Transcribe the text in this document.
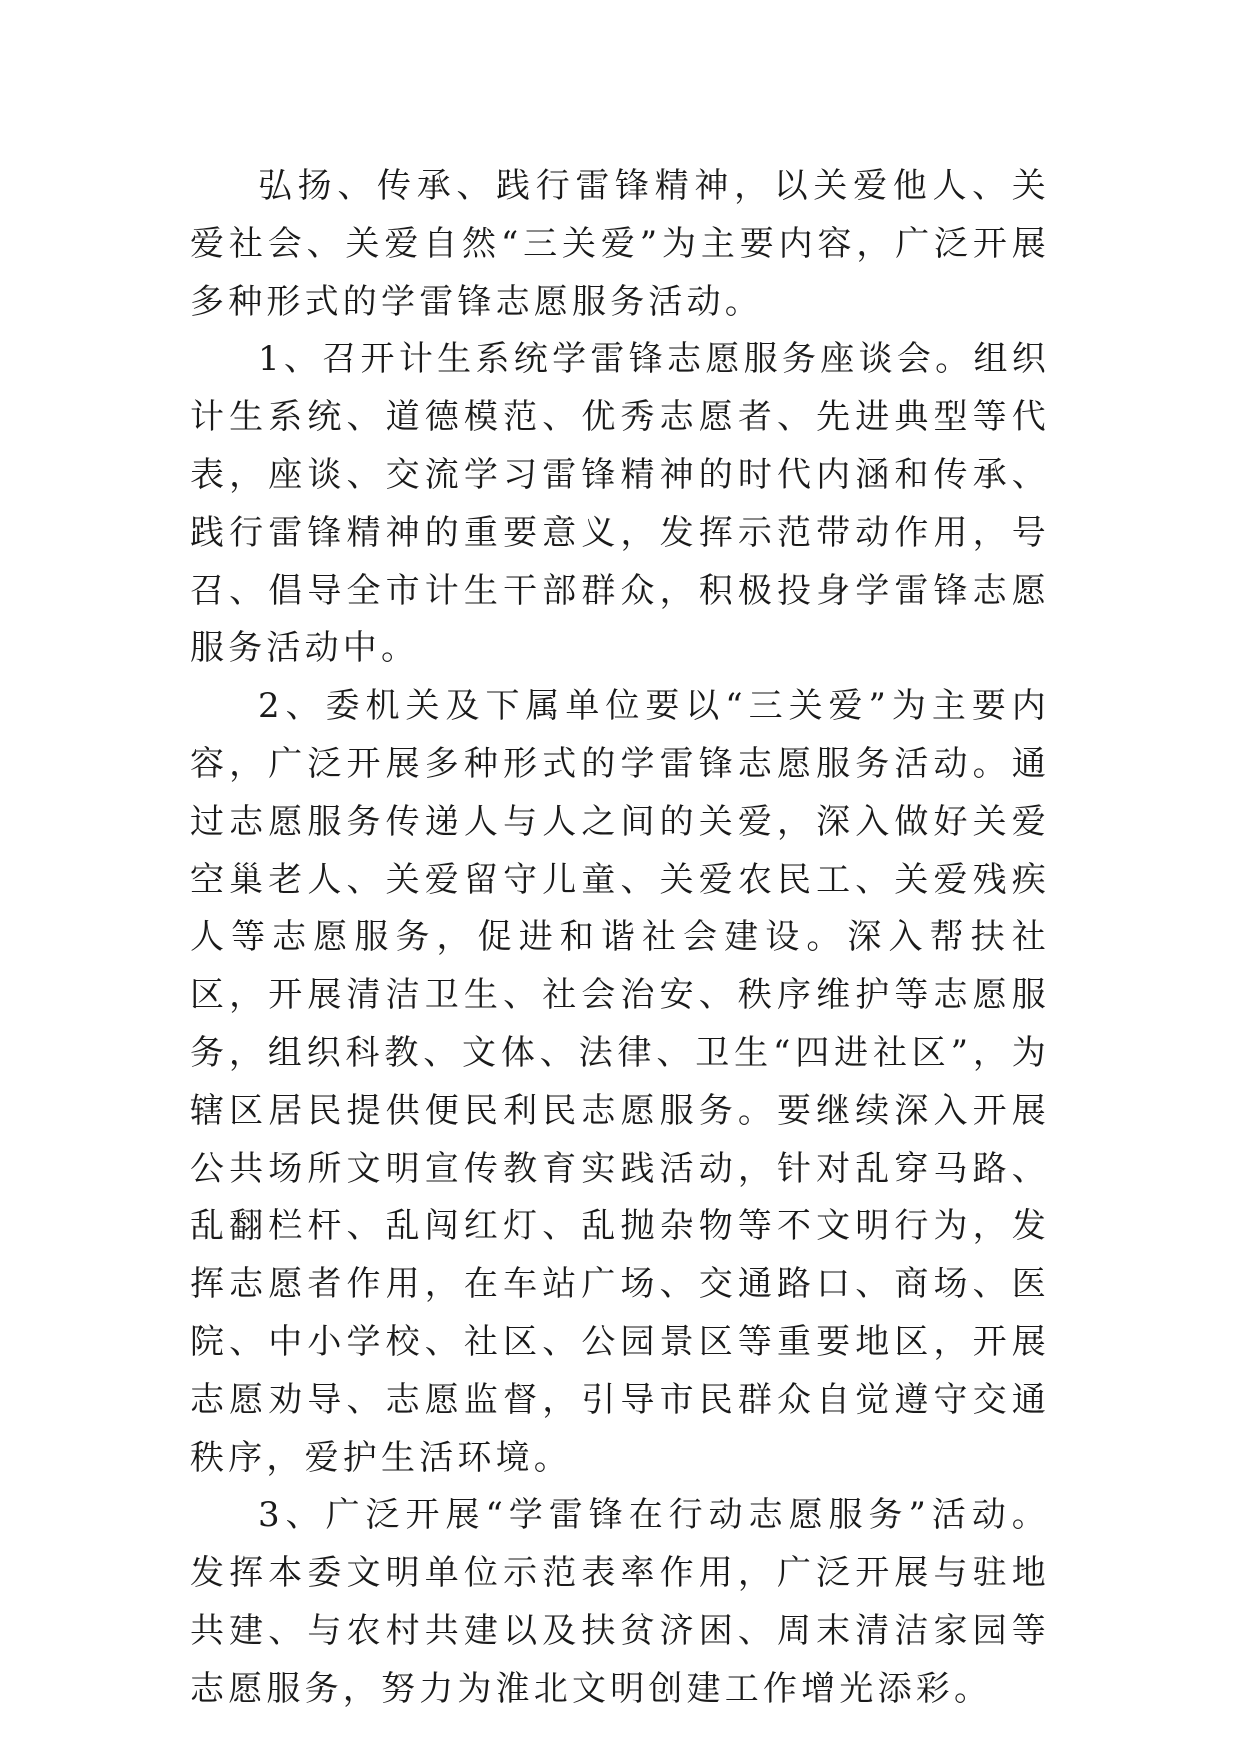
弘扬、传承、践行雷锋精神，以关爱他人、关爱社会、关爱自然“三关爱”为主要内容，广泛开展多种形式的学雷锋志愿服务活动。

1、召开计生系统学雷锋志愿服务座谈会。组织计生系统、道德模范、优秀志愿者、先进典型等代表，座谈、交流学习雷锋精神的时代内涵和传承、践行雷锋精神的重要意义，发挥示范带动作用，号召、倡导全市计生干部群众，积极投身学雷锋志愿服务活动中。

2、委机关及下属单位要以“三关爱”为主要内容，广泛开展多种形式的学雷锋志愿服务活动。通过志愿服务传递人与人之间的关爱，深入做好关爱空巢老人、关爱留守儿童、关爱农民工、关爱残疾人等志愿服务，促进和谐社会建设。深入帮扶社区，开展清洁卫生、社会治安、秩序维护等志愿服务，组织科教、文体、法律、卫生“四进社区”，为辖区居民提供便民利民志愿服务。要继续深入开展公共场所文明宣传教育实践活动，针对乱穿马路、乱翻栏杆、乱闯红灯、乱抛杂物等不文明行为，发挥志愿者作用，在车站广场、交通路口、商场、医院、中小学校、社区、公园景区等重要地区，开展志愿劝导、志愿监督，引导市民群众自觉遵守交通秩序，爱护生活环境。

3、广泛开展“学雷锋在行动志愿服务”活动。发挥本委文明单位示范表率作用，广泛开展与驻地共建、与农村共建以及扶贫济困、周末清洁家园等志愿服务，努力为淮北文明创建工作增光添彩。
